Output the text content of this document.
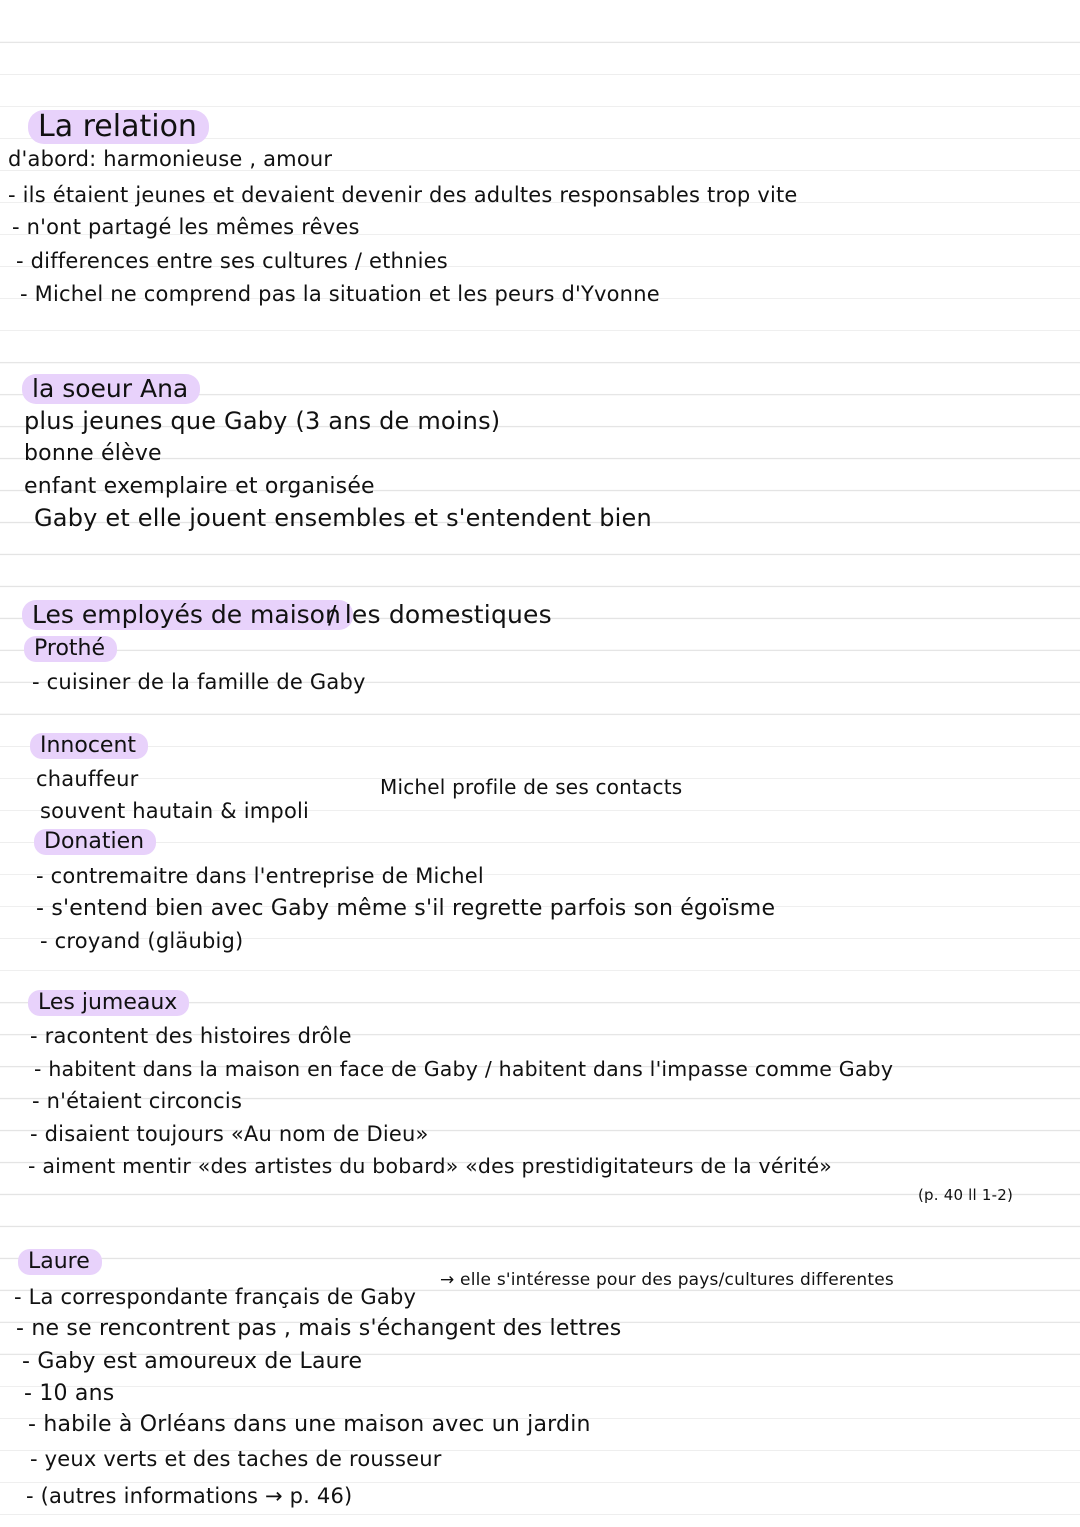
La relation
d'abord: harmonieuse , amour
- ils étaient jeunes et devaient devenir des adultes responsables trop vite
- n'ont partagé les mêmes rêves
- differences entre ses cultures / ethnies
- Michel ne comprend pas la situation et les peurs d'Yvonne
la soeur Ana
plus jeunes que Gaby (3 ans de moins)
bonne élève
enfant exemplaire et organisée
Gaby et elle jouent ensembles et s'entendent bien
Les employés de maison
/ les domestiques
Prothé
- cuisiner de la famille de Gaby
Innocent
chauffeur
souvent hautain & impoli
Michel profile de ses contacts
Donatien
- contremaitre dans l'entreprise de Michel
- s'entend bien avec Gaby même s'il regrette parfois son égoïsme
- croyand (gläubig)
Les jumeaux
- racontent des histoires drôle
- habitent dans la maison en face de Gaby / habitent dans l'impasse comme Gaby
- n'étaient circoncis
- disaient toujours «Au nom de Dieu»
- aiment mentir «des artistes du bobard» «des prestidigitateurs de la vérité»
(p. 40 ll 1-2)
Laure
- La correspondante français de Gaby
→ elle s'intéresse pour des pays/cultures differentes
- ne se rencontrent pas , mais s'échangent des lettres
- Gaby est amoureux de Laure
- 10 ans
- habile à Orléans dans une maison avec un jardin
- yeux verts et des taches de rousseur
- (autres informations → p. 46)
